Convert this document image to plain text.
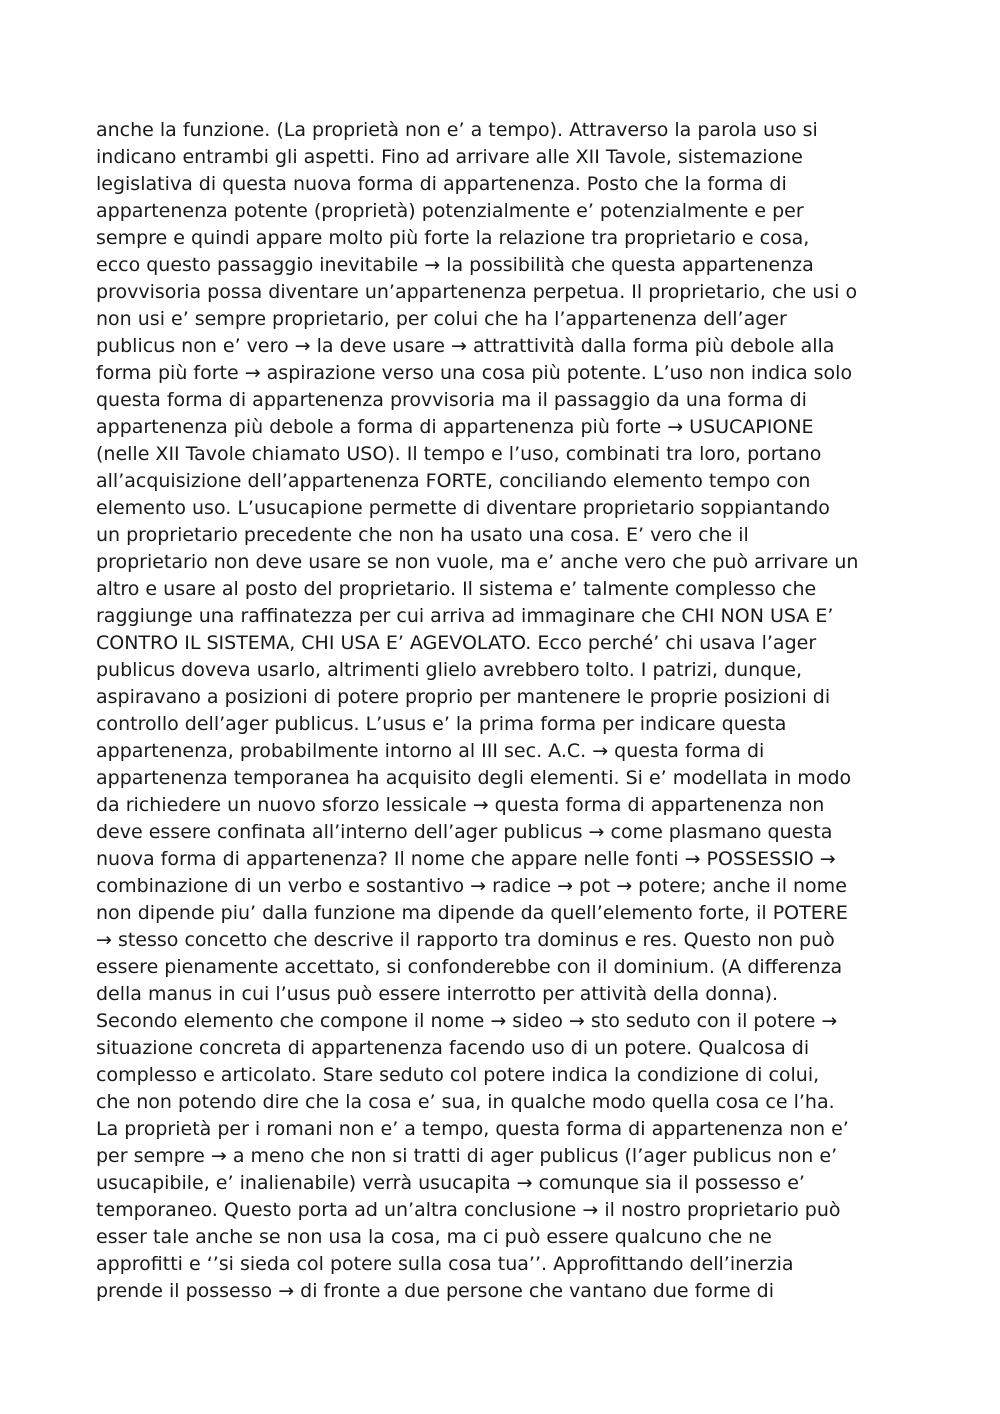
anche la funzione. (La proprietà non e’ a tempo). Attraverso la parola uso si
indicano entrambi gli aspetti. Fino ad arrivare alle XII Tavole, sistemazione
legislativa di questa nuova forma di appartenenza. Posto che la forma di
appartenenza potente (proprietà) potenzialmente e’ potenzialmente e per
sempre e quindi appare molto più forte la relazione tra proprietario e cosa,
ecco questo passaggio inevitabile → la possibilità che questa appartenenza
provvisoria possa diventare un’appartenenza perpetua. Il proprietario, che usi o
non usi e’ sempre proprietario, per colui che ha l’appartenenza dell’ager
publicus non e’ vero → la deve usare → attrattività dalla forma più debole alla
forma più forte → aspirazione verso una cosa più potente. L’uso non indica solo
questa forma di appartenenza provvisoria ma il passaggio da una forma di
appartenenza più debole a forma di appartenenza più forte → USUCAPIONE
(nelle XII Tavole chiamato USO). Il tempo e l’uso, combinati tra loro, portano
all’acquisizione dell’appartenenza FORTE, conciliando elemento tempo con
elemento uso. L’usucapione permette di diventare proprietario soppiantando
un proprietario precedente che non ha usato una cosa. E’ vero che il
proprietario non deve usare se non vuole, ma e’ anche vero che può arrivare un
altro e usare al posto del proprietario. Il sistema e’ talmente complesso che
raggiunge una raffinatezza per cui arriva ad immaginare che CHI NON USA E’
CONTRO IL SISTEMA, CHI USA E’ AGEVOLATO. Ecco perché’ chi usava l’ager
publicus doveva usarlo, altrimenti glielo avrebbero tolto. I patrizi, dunque,
aspiravano a posizioni di potere proprio per mantenere le proprie posizioni di
controllo dell’ager publicus. L’usus e’ la prima forma per indicare questa
appartenenza, probabilmente intorno al III sec. A.C. → questa forma di
appartenenza temporanea ha acquisito degli elementi. Si e’ modellata in modo
da richiedere un nuovo sforzo lessicale → questa forma di appartenenza non
deve essere confinata all’interno dell’ager publicus → come plasmano questa
nuova forma di appartenenza? Il nome che appare nelle fonti → POSSESSIO →
combinazione di un verbo e sostantivo → radice → pot → potere; anche il nome
non dipende piu’ dalla funzione ma dipende da quell’elemento forte, il POTERE
→ stesso concetto che descrive il rapporto tra dominus e res. Questo non può
essere pienamente accettato, si confonderebbe con il dominium. (A differenza
della manus in cui l’usus può essere interrotto per attività della donna).
Secondo elemento che compone il nome → sideo → sto seduto con il potere →
situazione concreta di appartenenza facendo uso di un potere. Qualcosa di
complesso e articolato. Stare seduto col potere indica la condizione di colui,
che non potendo dire che la cosa e’ sua, in qualche modo quella cosa ce l’ha.
La proprietà per i romani non e’ a tempo, questa forma di appartenenza non e’
per sempre → a meno che non si tratti di ager publicus (l’ager publicus non e’
usucapibile, e’ inalienabile) verrà usucapita → comunque sia il possesso e’
temporaneo. Questo porta ad un’altra conclusione → il nostro proprietario può
esser tale anche se non usa la cosa, ma ci può essere qualcuno che ne
approfitti e ‘’si sieda col potere sulla cosa tua’’. Approfittando dell’inerzia
prende il possesso → di fronte a due persone che vantano due forme di
